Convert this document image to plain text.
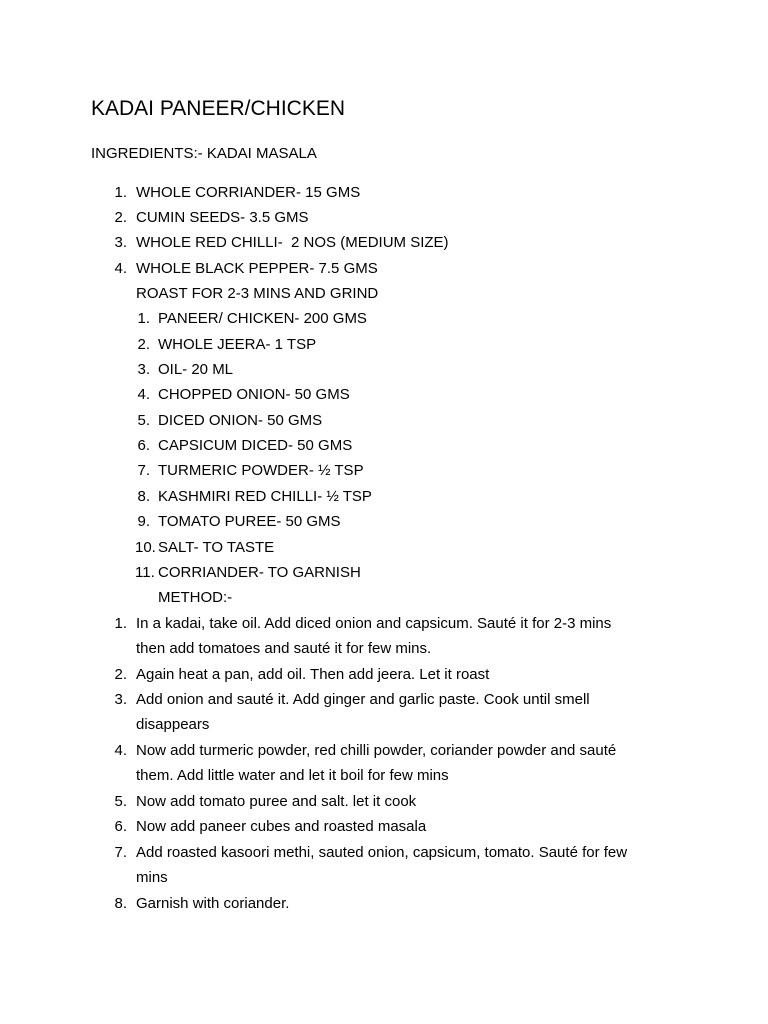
KADAI PANEER/CHICKEN
INGREDIENTS:- KADAI MASALA
1. WHOLE CORRIANDER- 15 GMS
2. CUMIN SEEDS- 3.5 GMS
3. WHOLE RED CHILLI-  2 NOS (MEDIUM SIZE)
4. WHOLE BLACK PEPPER- 7.5 GMS
ROAST FOR 2-3 MINS AND GRIND
1. PANEER/ CHICKEN- 200 GMS
2. WHOLE JEERA- 1 TSP
3. OIL- 20 ML
4. CHOPPED ONION- 50 GMS
5. DICED ONION- 50 GMS
6. CAPSICUM DICED- 50 GMS
7. TURMERIC POWDER- ½ TSP
8. KASHMIRI RED CHILLI- ½ TSP
9. TOMATO PUREE- 50 GMS
10. SALT- TO TASTE
11. CORRIANDER- TO GARNISH
METHOD:-
1. In a kadai, take oil. Add diced onion and capsicum. Sauté it for 2-3 mins
then add tomatoes and sauté it for few mins.
2. Again heat a pan, add oil. Then add jeera. Let it roast
3. Add onion and sauté it. Add ginger and garlic paste. Cook until smell
disappears
4. Now add turmeric powder, red chilli powder, coriander powder and sauté
them. Add little water and let it boil for few mins
5. Now add tomato puree and salt. let it cook
6. Now add paneer cubes and roasted masala
7. Add roasted kasoori methi, sauted onion, capsicum, tomato. Sauté for few
mins
8. Garnish with coriander.
